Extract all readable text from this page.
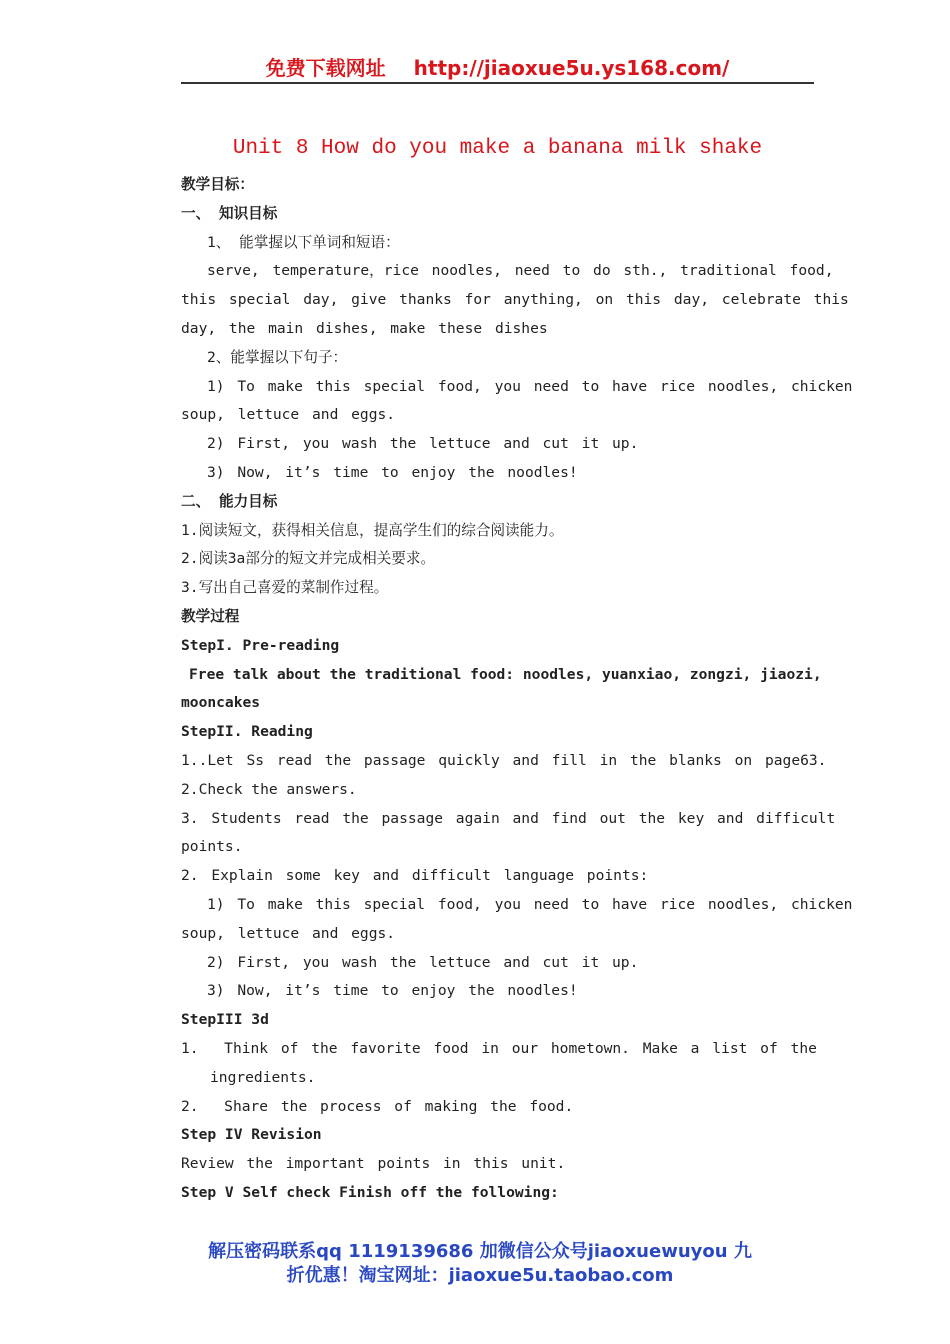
免费下载网址 http://jiaoxue5u.ys168.com/
Unit 8 How do you make a banana milk shake
教学目标：
一、 知识目标
1、 能掌握以下单词和短语：
serve, temperature，rice noodles, need to do sth., traditional food,
this special day, give thanks for anything, on this day, celebrate this
day, the main dishes, make these dishes
2、能掌握以下句子：
1) To make this special food, you need to have rice noodles, chicken
soup, lettuce and eggs.
2) First, you wash the lettuce and cut it up.
3) Now, it’s time to enjoy the noodles!
二、 能力目标
1.阅读短文，获得相关信息，提高学生们的综合阅读能力。
2.阅读3a部分的短文并完成相关要求。
3.写出自己喜爱的菜制作过程。
教学过程
StepI. Pre-reading
Free talk about the traditional food: noodles, yuanxiao, zongzi, jiaozi,
mooncakes
StepII. Reading
1..Let Ss read the passage quickly and fill in the blanks on page63.
2.Check the answers.
3. Students read the passage again and find out the key and difficult
points.
2. Explain some key and difficult language points:
1) To make this special food, you need to have rice noodles, chicken
soup, lettuce and eggs.
2) First, you wash the lettuce and cut it up.
3) Now, it’s time to enjoy the noodles!
StepIII 3d
1. Think of the favorite food in our hometown. Make a list of the
ingredients.
2. Share the process of making the food.
Step IV Revision
Review the important points in this unit.
Step V Self check Finish off the following:
解压密码联系qq 1119139686 加微信公众号jiaoxuewuyou 九
折优惠！淘宝网址：jiaoxue5u.taobao.com
